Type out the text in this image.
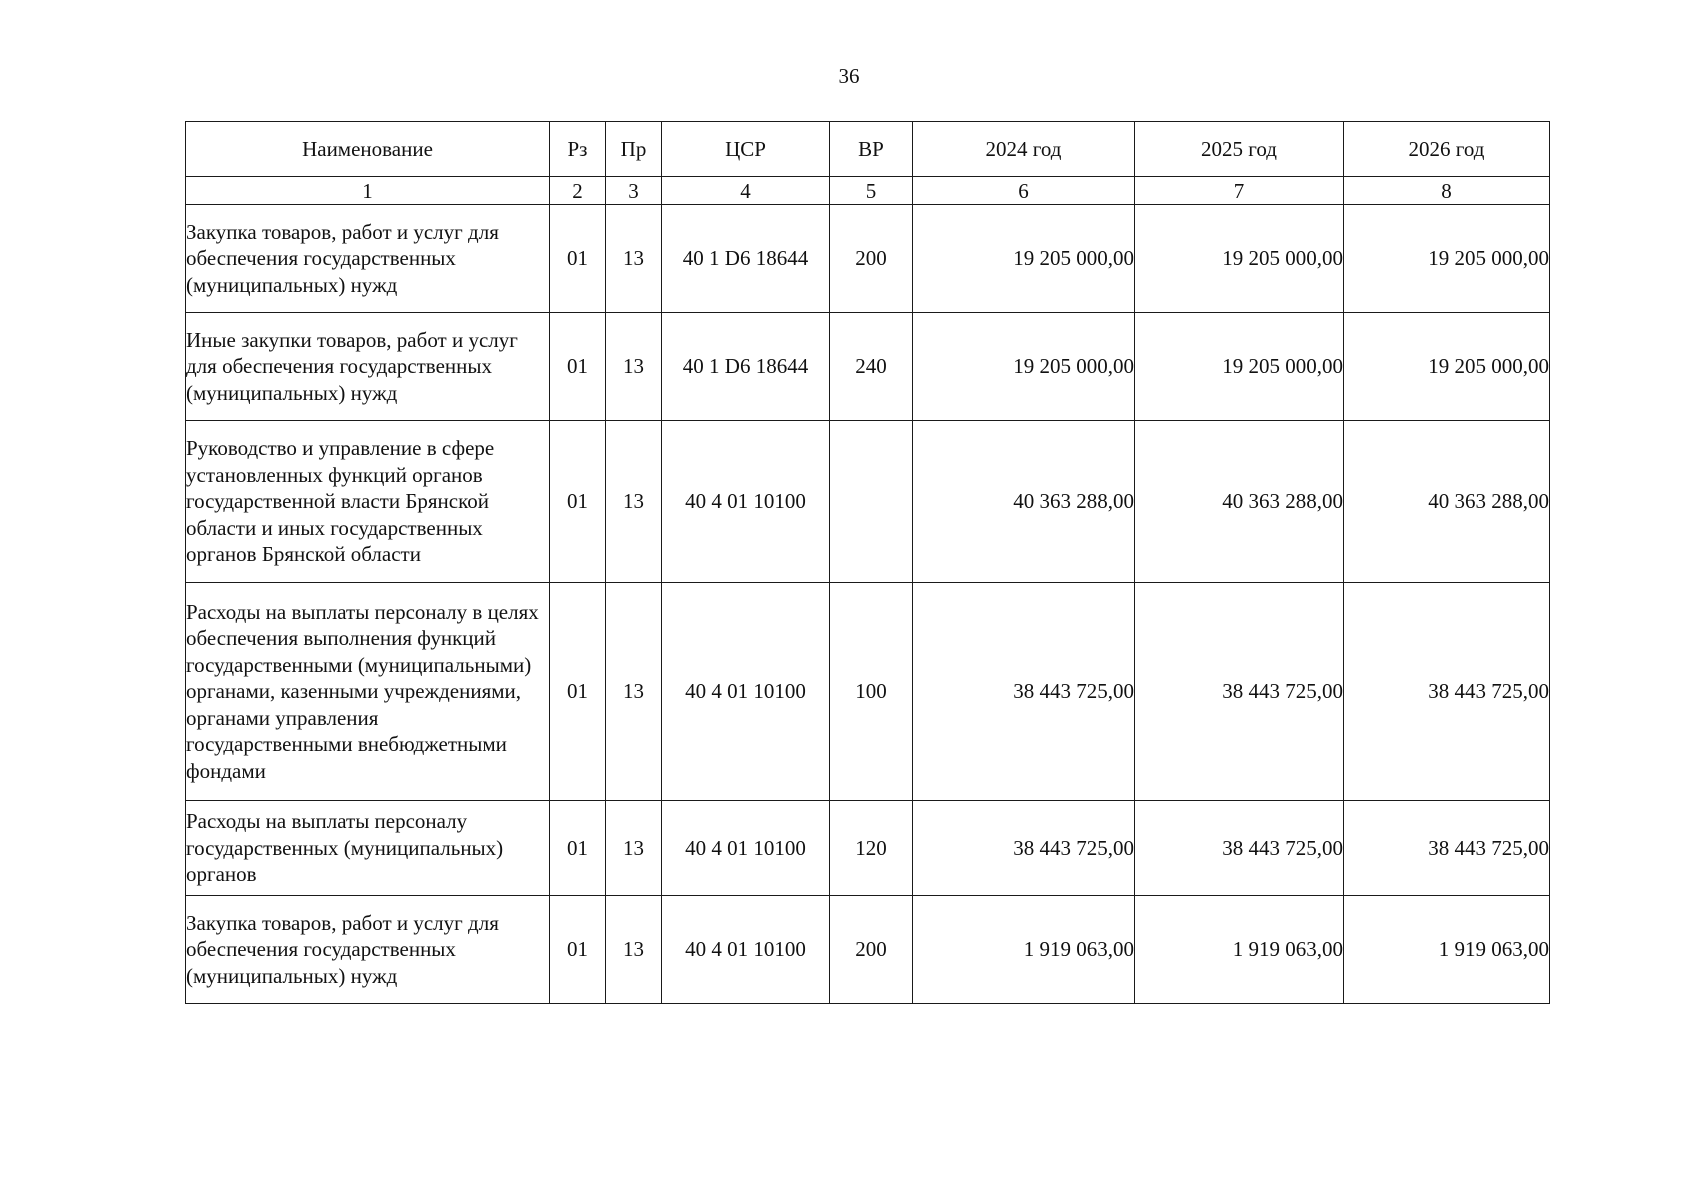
36
Наименование	Рз	Пр	ЦСР	ВР	2024 год	2025 год	2026 год
1	2	3	4	5	6	7	8
Закупка товаров, работ и услуг для обеспечения государственных (муниципальных) нужд	01	13	40 1 D6 18644	200	19 205 000,00	19 205 000,00	19 205 000,00
Иные закупки товаров, работ и услуг для обеспечения государственных (муниципальных) нужд	01	13	40 1 D6 18644	240	19 205 000,00	19 205 000,00	19 205 000,00
Руководство и управление в сфере установленных функций органов государственной власти Брянской области и иных государственных органов Брянской области	01	13	40 4 01 10100		40 363 288,00	40 363 288,00	40 363 288,00
Расходы на выплаты персоналу в целях обеспечения выполнения функций государственными (муниципальными) органами, казенными учреждениями, органами управления государственными внебюджетными фондами	01	13	40 4 01 10100	100	38 443 725,00	38 443 725,00	38 443 725,00
Расходы на выплаты персоналу государственных (муниципальных) органов	01	13	40 4 01 10100	120	38 443 725,00	38 443 725,00	38 443 725,00
Закупка товаров, работ и услуг для обеспечения государственных (муниципальных) нужд	01	13	40 4 01 10100	200	1 919 063,00	1 919 063,00	1 919 063,00
